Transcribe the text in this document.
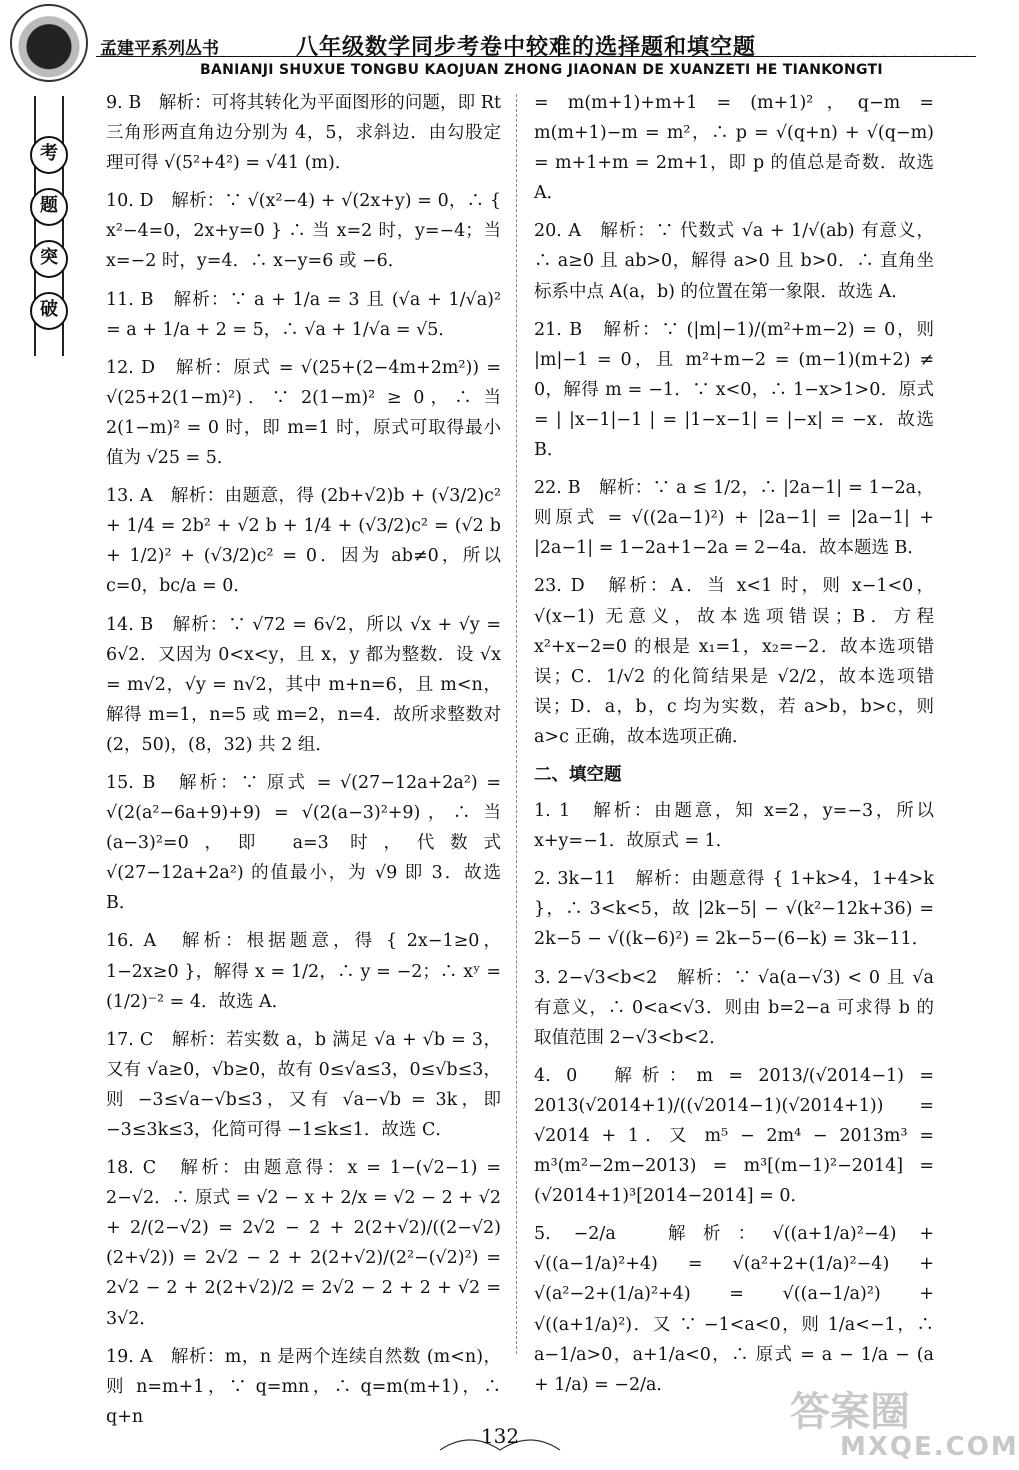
孟建平系列丛书	八年级数学同步考卷中较难的选择题和填空题	· · · · · · · · · · · · · · ·
BANIANJI SHUXUE TONGBU KAOJUAN ZHONG JIAONAN DE XUANZETI HE TIANKONGTI
考
题
突
破

9. B　解析：可将其转化为平面图形的问题，即 Rt 三角形两直角边分别为 4，5，求斜边．由勾股定理可得 √(5²+4²) = √41 (m)．

10. D　解析：∵ √(x²−4) + √(2x+y) = 0，∴ { x²−4=0，2x+y=0 } ∴ 当 x=2 时，y=−4；当 x=−2 时，y=4．∴ x−y=6 或 −6．

11. B　解析：∵ a + 1/a = 3 且 (√a + 1/√a)² = a + 1/a + 2 = 5，∴ √a + 1/√a = √5．

12. D　解析：原式 = √(25+(2−4m+2m²)) = √(25+2(1−m)²)．∵ 2(1−m)² ≥ 0，∴ 当 2(1−m)² = 0 时，即 m=1 时，原式可取得最小值为 √25 = 5．

13. A　解析：由题意，得 (2b+√2)b + (√3/2)c² + 1/4 = 2b² + √2 b + 1/4 + (√3/2)c² = (√2 b + 1/2)² + (√3/2)c² = 0．因为 ab≠0，所以 c=0，bc/a = 0．

14. B　解析：∵ √72 = 6√2，所以 √x + √y = 6√2．又因为 0<x<y，且 x，y 都为整数．设 √x = m√2，√y = n√2，其中 m+n=6，且 m<n，解得 m=1，n=5 或 m=2，n=4．故所求整数对 (2，50)，(8，32) 共 2 组．

15. B　解析：∵ 原式 = √(27−12a+2a²) = √(2(a²−6a+9)+9) = √(2(a−3)²+9)，∴ 当 (a−3)²=0，即 a=3 时，代数式 √(27−12a+2a²) 的值最小，为 √9 即 3．故选 B．

16. A　解析：根据题意，得 { 2x−1≥0，1−2x≥0 }，解得 x = 1/2，∴ y = −2；∴ xʸ = (1/2)⁻² = 4．故选 A．

17. C　解析：若实数 a，b 满足 √a + √b = 3，又有 √a≥0，√b≥0，故有 0≤√a≤3，0≤√b≤3，则 −3≤√a−√b≤3，又有 √a−√b = 3k，即 −3≤3k≤3，化简可得 −1≤k≤1．故选 C．

18. C　解析：由题意得：x = 1−(√2−1) = 2−√2．∴ 原式 = √2 − x + 2/x = √2 − 2 + √2 + 2/(2−√2) = 2√2 − 2 + 2(2+√2)/((2−√2)(2+√2)) = 2√2 − 2 + 2(2+√2)/(2²−(√2)²) = 2√2 − 2 + 2(2+√2)/2 = 2√2 − 2 + 2 + √2 = 3√2．

19. A　解析：m，n 是两个连续自然数 (m<n)，则 n=m+1，∵ q=mn，∴ q=m(m+1)，∴ q+n

= m(m+1)+m+1 = (m+1)²，q−m = m(m+1)−m = m²，∴ p = √(q+n) + √(q−m) = m+1+m = 2m+1，即 p 的值总是奇数．故选 A．

20. A　解析：∵ 代数式 √a + 1/√(ab) 有意义，∴ a≥0 且 ab>0，解得 a>0 且 b>0．∴ 直角坐标系中点 A(a，b) 的位置在第一象限．故选 A．

21. B　解析：∵ (|m|−1)/(m²+m−2) = 0，则 |m|−1 = 0，且 m²+m−2 = (m−1)(m+2) ≠ 0，解得 m = −1．∵ x<0，∴ 1−x>1>0．原式 = | |x−1|−1 | = |1−x−1| = |−x| = −x．故选 B．

22. B　解析：∵ a ≤ 1/2，∴ |2a−1| = 1−2a，则原式 = √((2a−1)²) + |2a−1| = |2a−1| + |2a−1| = 1−2a+1−2a = 2−4a．故本题选 B．

23. D　解析：A．当 x<1 时，则 x−1<0，√(x−1) 无意义，故本选项错误；B．方程 x²+x−2=0 的根是 x₁=1，x₂=−2．故本选项错误；C．1/√2 的化简结果是 √2/2，故本选项错误；D．a，b，c 均为实数，若 a>b，b>c，则 a>c 正确，故本选项正确．

二、填空题

1. 1　解析：由题意，知 x=2，y=−3，所以 x+y=−1．故原式 = 1．

2. 3k−11　解析：由题意得 { 1+k>4，1+4>k }，∴ 3<k<5，故 |2k−5| − √(k²−12k+36) = 2k−5 − √((k−6)²) = 2k−5−(6−k) = 3k−11．

3. 2−√3<b<2　解析：∵ √a(a−√3) < 0 且 √a 有意义，∴ 0<a<√3．则由 b=2−a 可求得 b 的取值范围 2−√3<b<2．

4. 0　解析：m = 2013/(√2014−1) = 2013(√2014+1)/((√2014−1)(√2014+1)) = √2014 + 1．又 m⁵ − 2m⁴ − 2013m³ = m³(m²−2m−2013) = m³[(m−1)²−2014] = (√2014+1)³[2014−2014] = 0．

5. −2/a　解析：√((a+1/a)²−4) + √((a−1/a)²+4) = √(a²+2+(1/a)²−4) + √(a²−2+(1/a)²+4) = √((a−1/a)²) + √((a+1/a)²)．又 ∵ −1<a<0，则 1/a<−1，∴ a−1/a>0，a+1/a<0，∴ 原式 = a − 1/a − (a + 1/a) = −2/a．

132
答案圈
MXQE.COM
